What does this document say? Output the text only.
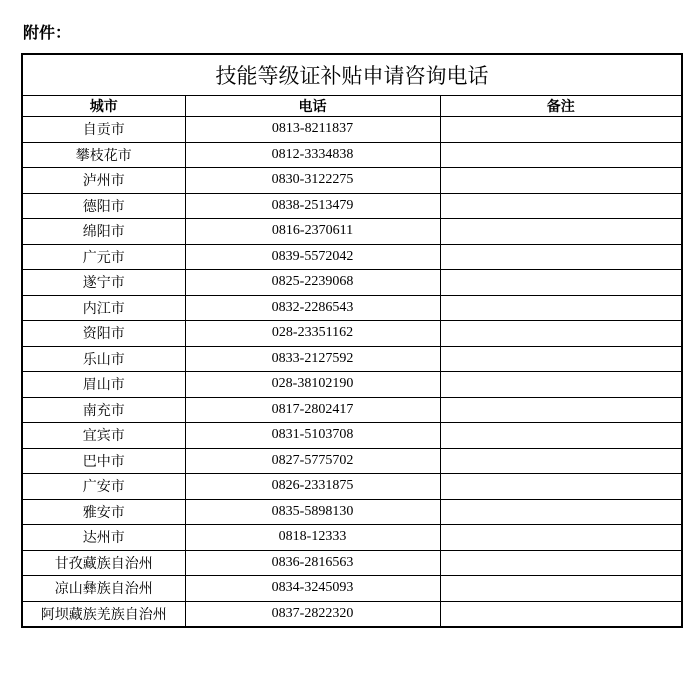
附件：
技能等级证补贴申请咨询电话		
城市	电话	备注
自贡市	0813-8211837	
攀枝花市	0812-3334838	
泸州市	0830-3122275	
德阳市	0838-2513479	
绵阳市	0816-2370611	
广元市	0839-5572042	
遂宁市	0825-2239068	
内江市	0832-2286543	
资阳市	028-23351162	
乐山市	0833-2127592	
眉山市	028-38102190	
南充市	0817-2802417	
宜宾市	0831-5103708	
巴中市	0827-5775702	
广安市	0826-2331875	
雅安市	0835-5898130	
达州市	0818-12333	
甘孜藏族自治州	0836-2816563	
凉山彝族自治州	0834-3245093	
阿坝藏族羌族自治州	0837-2822320	
